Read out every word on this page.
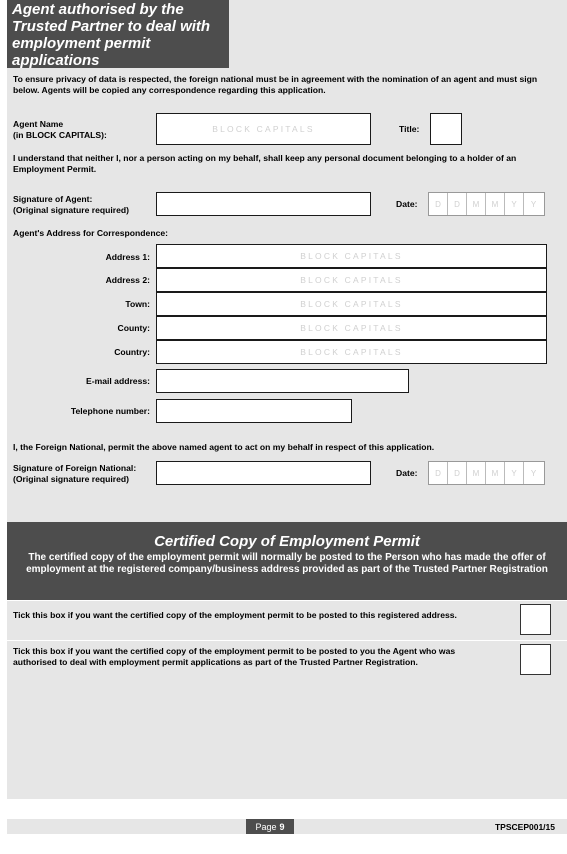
Agent authorised by the
Trusted Partner to deal with
employment permit
applications
To ensure privacy of data is respected, the foreign national must be in agreement with the nomination of an agent and must sign below. Agents will be copied any correspondence regarding this application.
Agent Name
(in BLOCK CAPITALS):
BLOCK CAPITALS	Title:
I understand that neither I, nor a person acting on my behalf, shall keep any personal document belonging to a holder of an Employment Permit.
Signature of Agent:
(Original signature required)
Date:	D	D	M	M	Y	Y
Agent's Address for Correspondence:
Address 1:	BLOCK CAPITALS
Address 2:	BLOCK CAPITALS
Town:	BLOCK CAPITALS
County:	BLOCK CAPITALS
Country:	BLOCK CAPITALS
E-mail address:
Telephone number:
I, the Foreign National, permit the above named agent to act on my behalf in respect of this application.
Signature of Foreign National:
(Original signature required)
Date:	D	D	M	M	Y	Y
Certified Copy of Employment Permit
The certified copy of the employment permit will normally be posted to the Person who has made the offer of employment at the registered company/business address provided as part of the Trusted Partner Registration
Tick this box if you want the certified copy of the employment permit to be posted to this registered address.
Tick this box if you want the certified copy of the employment permit to be posted to you the Agent who was authorised to deal with employment permit applications as part of the Trusted Partner Registration.
Page 9	TPSCEP001/15
